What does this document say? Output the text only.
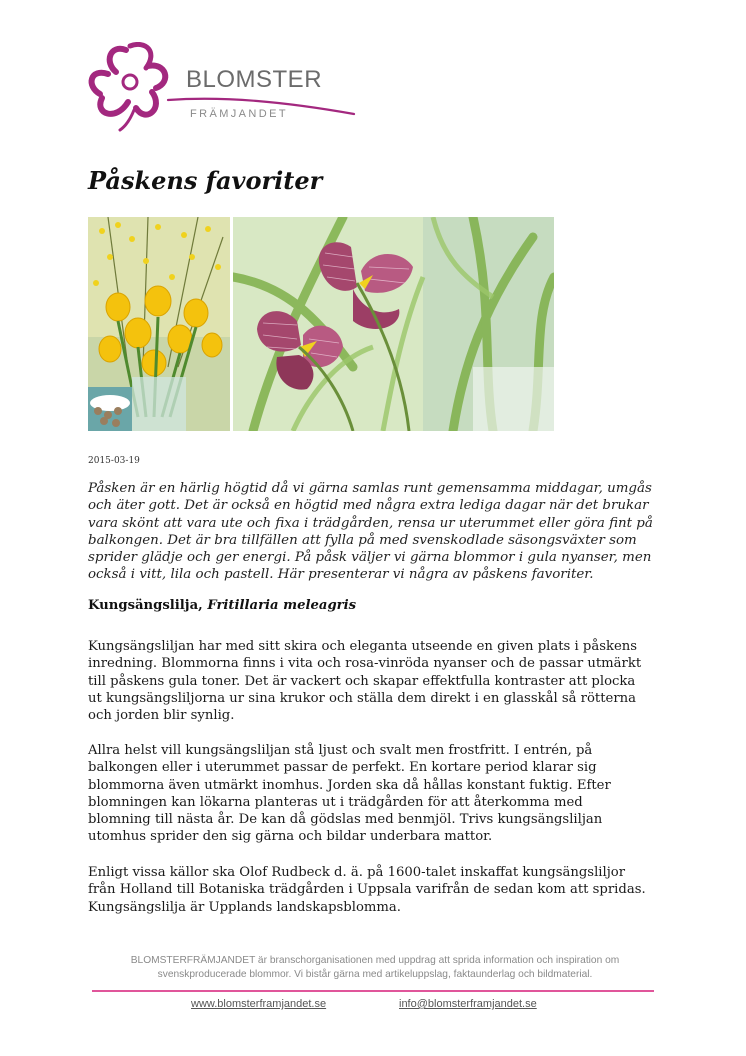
BLOMSTER
FRÄMJANDET
Påskens favoriter
2015-03-19

Påsken är en härlig högtid då vi gärna samlas runt gemensamma middagar, umgås och äter gott. Det är också en högtid med några extra lediga dagar när det brukar vara skönt att vara ute och fixa i trädgården, rensa ur uterummet eller göra fint på balkongen. Det är bra tillfällen att fylla på med svenskodlade säsongsväxter som sprider glädje och ger energi. På påsk väljer vi gärna blommor i gula nyanser, men också i vitt, lila och pastell. Här presenterar vi några av påskens favoriter.

Kungsängslilja, Fritillaria meleagris

Kungsängsliljan har med sitt skira och eleganta utseende en given plats i påskens inredning. Blommorna finns i vita och rosa-vinröda nyanser och de passar utmärkt till påskens gula toner. Det är vackert och skapar effektfulla kontraster att plocka ut kungsängsliljorna ur sina krukor och ställa dem direkt i en glasskål så rötterna och jorden blir synlig.

Allra helst vill kungsängsliljan stå ljust och svalt men frostfritt. I entrén, på balkongen eller i uterummet passar de perfekt. En kortare period klarar sig blommorna även utmärkt inomhus. Jorden ska då hållas konstant fuktig. Efter blomningen kan lökarna planteras ut i trädgården för att återkomma med blomning till nästa år. De kan då gödslas med benmjöl. Trivs kungsängsliljan utomhus sprider den sig gärna och bildar underbara mattor.

Enligt vissa källor ska Olof Rudbeck d. ä. på 1600-talet inskaffat kungsängsliljor från Holland till Botaniska trädgården i Uppsala varifrån de sedan kom att spridas. Kungsängslilja är Upplands landskapsblomma.

BLOMSTERFRÄMJANDET är branschorganisationen med uppdrag att sprida information och inspiration om svenskproducerade blommor. Vi bistår gärna med artikeluppslag, faktaunderlag och bildmaterial.

www.blomsterframjandet.se	info@blomsterframjandet.se
